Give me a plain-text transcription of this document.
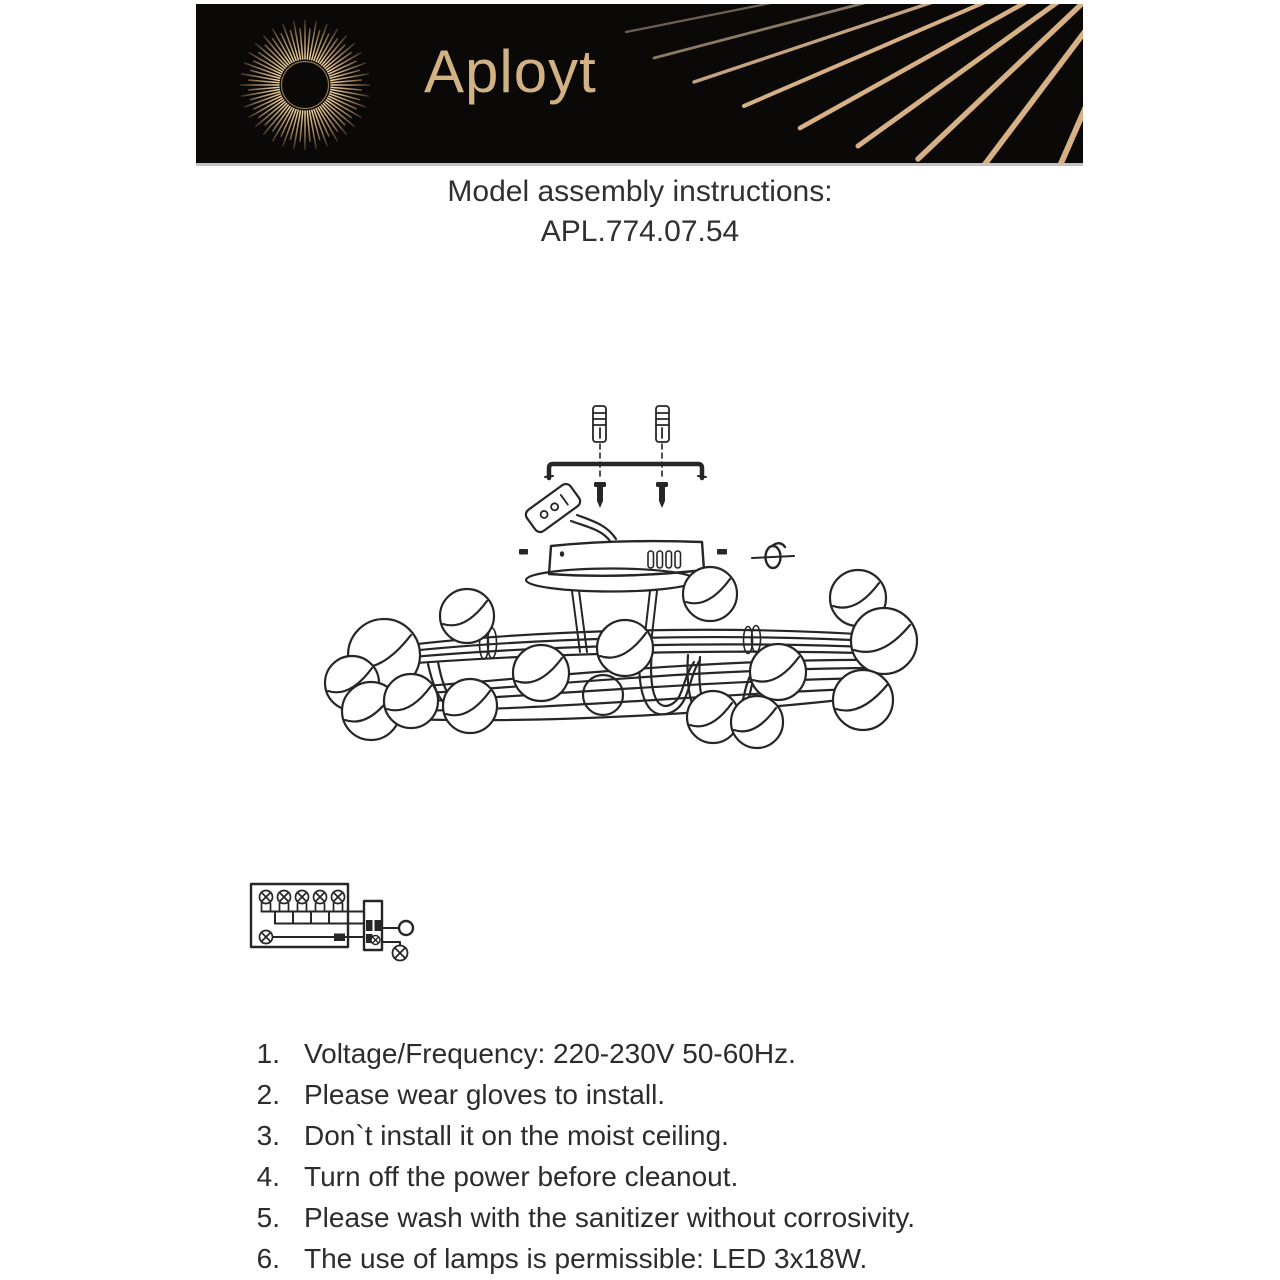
Aployt
Model assembly instructions:
APL.774.07.54
1. Voltage/Frequency: 220-230V 50-60Hz.
2. Please wear gloves to install.
3. Don`t install it on the moist ceiling.
4. Turn off the power before cleanout.
5. Please wash with the sanitizer without corrosivity.
6. The use of lamps is permissible: LED 3x18W.
